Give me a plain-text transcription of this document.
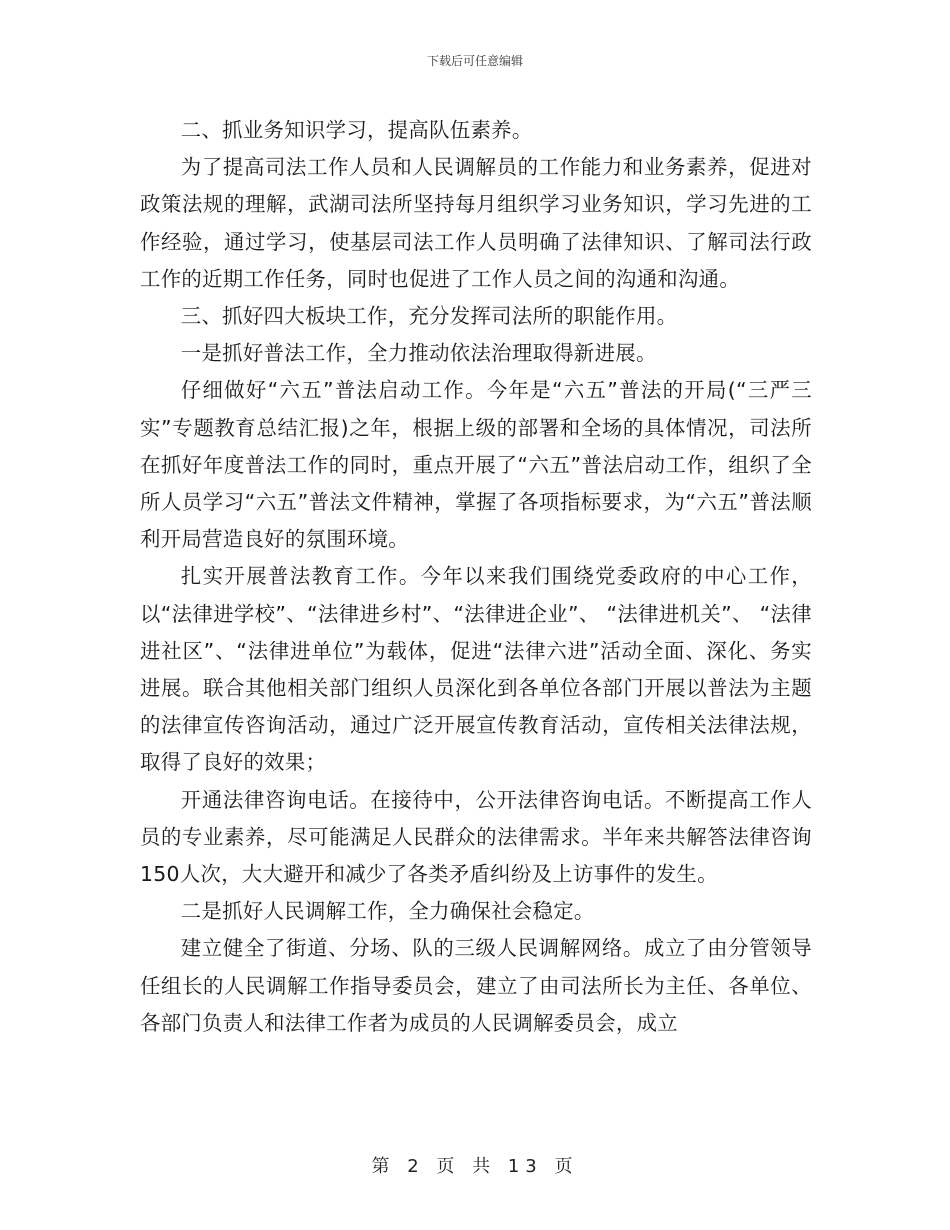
下载后可任意编辑

二、抓业务知识学习，提高队伍素养。

为了提高司法工作人员和人民调解员的工作能力和业务素养，促进对政策法规的理解，武湖司法所坚持每月组织学习业务知识，学习先进的工作经验，通过学习，使基层司法工作人员明确了法律知识、了解司法行政工作的近期工作任务，同时也促进了工作人员之间的沟通和沟通。

三、抓好四大板块工作，充分发挥司法所的职能作用。

一是抓好普法工作，全力推动依法治理取得新进展。

仔细做好“六五”普法启动工作。今年是“六五”普法的开局(“三严三实”专题教育总结汇报)之年，根据上级的部署和全场的具体情况，司法所在抓好年度普法工作的同时，重点开展了“六五”普法启动工作，组织了全所人员学习“六五”普法文件精神，掌握了各项指标要求，为“六五”普法顺利开局营造良好的氛围环境。

扎实开展普法教育工作。今年以来我们围绕党委政府的中心工作，以“法律进学校”、“法律进乡村”、“法律进企业”、 “法律进机关”、 “法律进社区”、“法律进单位”为载体，促进“法律六进”活动全面、深化、务实进展。联合其他相关部门组织人员深化到各单位各部门开展以普法为主题的法律宣传咨询活动，通过广泛开展宣传教育活动，宣传相关法律法规，取得了良好的效果；

开通法律咨询电话。在接待中，公开法律咨询电话。不断提高工作人员的专业素养，尽可能满足人民群众的法律需求。半年来共解答法律咨询150人次，大大避开和减少了各类矛盾纠纷及上访事件的发生。

二是抓好人民调解工作，全力确保社会稳定。

建立健全了街道、分场、队的三级人民调解网络。成立了由分管领导任组长的人民调解工作指导委员会，建立了由司法所长为主任、各单位、各部门负责人和法律工作者为成员的人民调解委员会，成立

第 2 页 共 13 页
